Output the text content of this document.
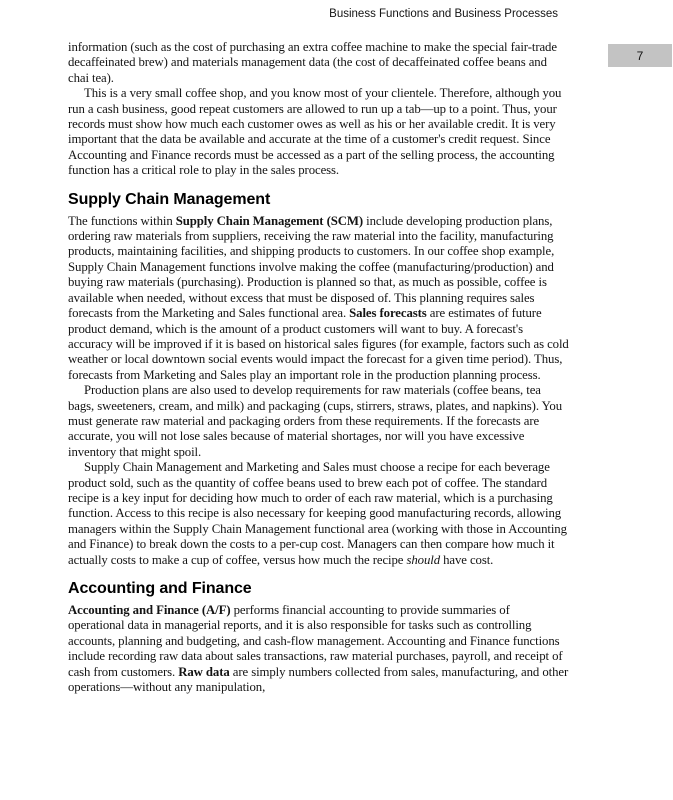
Business Functions and Business Processes
7

information (such as the cost of purchasing an extra coffee machine to make the special fair-trade decaffeinated brew) and materials management data (the cost of decaffeinated coffee beans and chai tea).

This is a very small coffee shop, and you know most of your clientele. Therefore, although you run a cash business, good repeat customers are allowed to run up a tab—up to a point. Thus, your records must show how much each customer owes as well as his or her available credit. It is very important that the data be available and accurate at the time of a customer's credit request. Since Accounting and Finance records must be accessed as a part of the selling process, the accounting function has a critical role to play in the sales process.

Supply Chain Management

The functions within Supply Chain Management (SCM) include developing production plans, ordering raw materials from suppliers, receiving the raw material into the facility, manufacturing products, maintaining facilities, and shipping products to customers. In our coffee shop example, Supply Chain Management functions involve making the coffee (manufacturing/production) and buying raw materials (purchasing). Production is planned so that, as much as possible, coffee is available when needed, without excess that must be disposed of. This planning requires sales forecasts from the Marketing and Sales functional area. Sales forecasts are estimates of future product demand, which is the amount of a product customers will want to buy. A forecast's accuracy will be improved if it is based on historical sales figures (for example, factors such as cold weather or local downtown social events would impact the forecast for a given time period). Thus, forecasts from Marketing and Sales play an important role in the production planning process.

Production plans are also used to develop requirements for raw materials (coffee beans, tea bags, sweeteners, cream, and milk) and packaging (cups, stirrers, straws, plates, and napkins). You must generate raw material and packaging orders from these requirements. If the forecasts are accurate, you will not lose sales because of material shortages, nor will you have excessive inventory that might spoil.

Supply Chain Management and Marketing and Sales must choose a recipe for each beverage product sold, such as the quantity of coffee beans used to brew each pot of coffee. The standard recipe is a key input for deciding how much to order of each raw material, which is a purchasing function. Access to this recipe is also necessary for keeping good manufacturing records, allowing managers within the Supply Chain Management functional area (working with those in Accounting and Finance) to break down the costs to a per-cup cost. Managers can then compare how much it actually costs to make a cup of coffee, versus how much the recipe should have cost.

Accounting and Finance

Accounting and Finance (A/F) performs financial accounting to provide summaries of operational data in managerial reports, and it is also responsible for tasks such as controlling accounts, planning and budgeting, and cash-flow management. Accounting and Finance functions include recording raw data about sales transactions, raw material purchases, payroll, and receipt of cash from customers. Raw data are simply numbers collected from sales, manufacturing, and other operations—without any manipulation,
